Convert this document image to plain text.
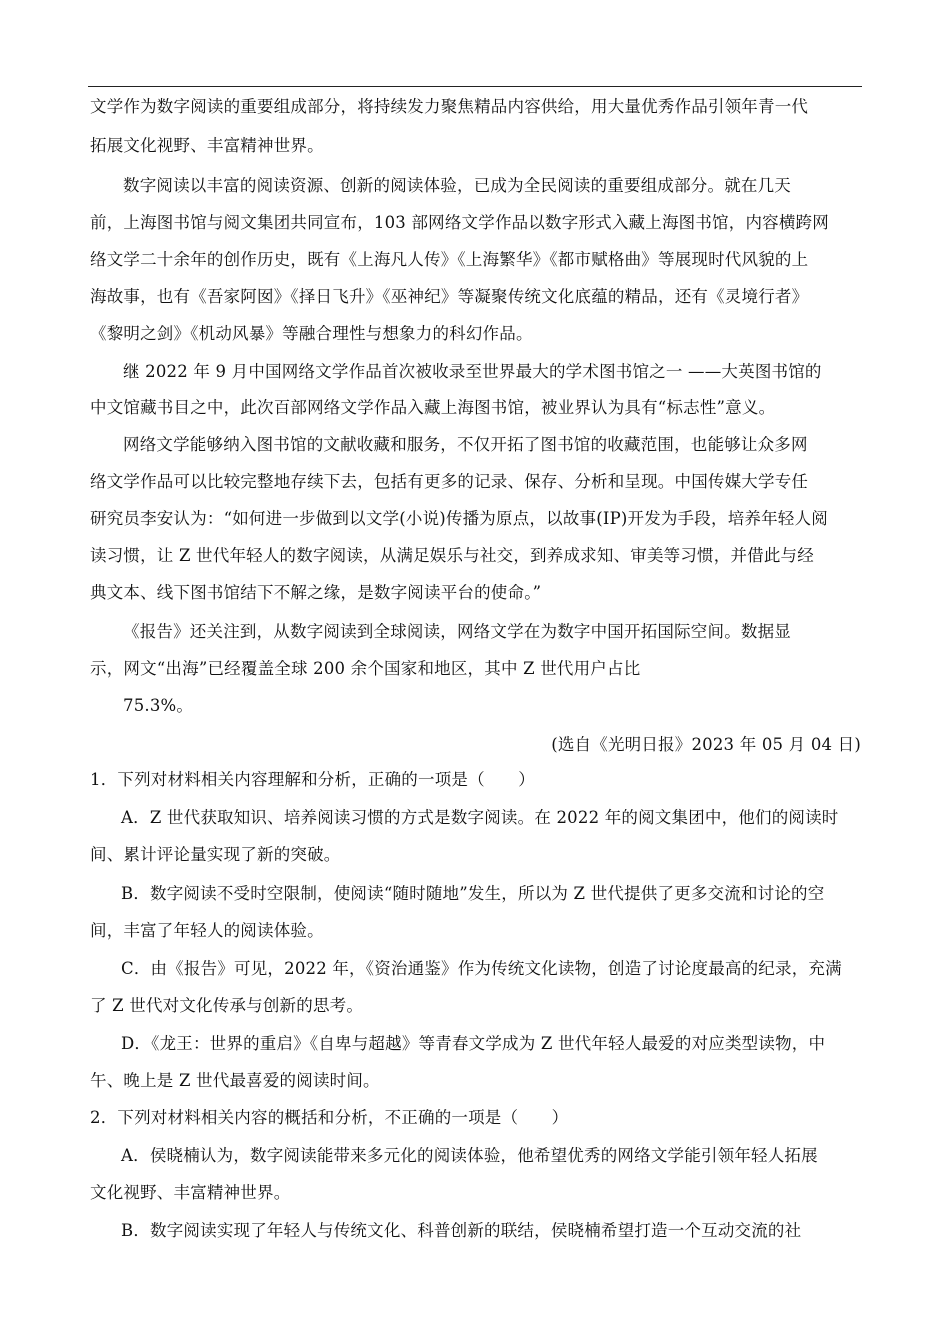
文学作为数字阅读的重要组成部分，将持续发力聚焦精品内容供给，用大量优秀作品引领年青一代
拓展文化视野、丰富精神世界。
数字阅读以丰富的阅读资源、创新的阅读体验，已成为全民阅读的重要组成部分。就在几天
前，上海图书馆与阅文集团共同宣布，103 部网络文学作品以数字形式入藏上海图书馆，内容横跨网
络文学二十余年的创作历史，既有《上海凡人传》《上海繁华》《都市赋格曲》等展现时代风貌的上
海故事，也有《吾家阿囡》《择日飞升》《巫神纪》等凝聚传统文化底蕴的精品，还有《灵境行者》
《黎明之剑》《机动风暴》等融合理性与想象力的科幻作品。
继 2022 年 9 月中国网络文学作品首次被收录至世界最大的学术图书馆之一 ——大英图书馆的
中文馆藏书目之中，此次百部网络文学作品入藏上海图书馆，被业界认为具有“标志性”意义。
网络文学能够纳入图书馆的文献收藏和服务，不仅开拓了图书馆的收藏范围，也能够让众多网
络文学作品可以比较完整地存续下去，包括有更多的记录、保存、分析和呈现。中国传媒大学专任
研究员李安认为：“如何进一步做到以文学(小说)传播为原点，以故事(IP)开发为手段，培养年轻人阅
读习惯，让 Z 世代年轻人的数字阅读，从满足娱乐与社交，到养成求知、审美等习惯，并借此与经
典文本、线下图书馆结下不解之缘，是数字阅读平台的使命。”
《报告》还关注到，从数字阅读到全球阅读，网络文学在为数字中国开拓国际空间。数据显
示，网文“出海”已经覆盖全球 200 余个国家和地区，其中 Z 世代用户占比
75.3%。
(选自《光明日报》2023 年 05 月 04 日)
1．下列对材料相关内容理解和分析，正确的一项是（　　）
A．Z 世代获取知识、培养阅读习惯的方式是数字阅读。在 2022 年的阅文集团中，他们的阅读时
间、累计评论量实现了新的突破。
B．数字阅读不受时空限制，使阅读“随时随地”发生，所以为 Z 世代提供了更多交流和讨论的空
间，丰富了年轻人的阅读体验。
C．由《报告》可见，2022 年，《资治通鉴》作为传统文化读物，创造了讨论度最高的纪录，充满
了 Z 世代对文化传承与创新的思考。
D．《龙王：世界的重启》《自卑与超越》等青春文学成为 Z 世代年轻人最爱的对应类型读物，中
午、晚上是 Z 世代最喜爱的阅读时间。
2．下列对材料相关内容的概括和分析，不正确的一项是（　　）
A．侯晓楠认为，数字阅读能带来多元化的阅读体验，他希望优秀的网络文学能引领年轻人拓展
文化视野、丰富精神世界。
B．数字阅读实现了年轻人与传统文化、科普创新的联结，侯晓楠希望打造一个互动交流的社
